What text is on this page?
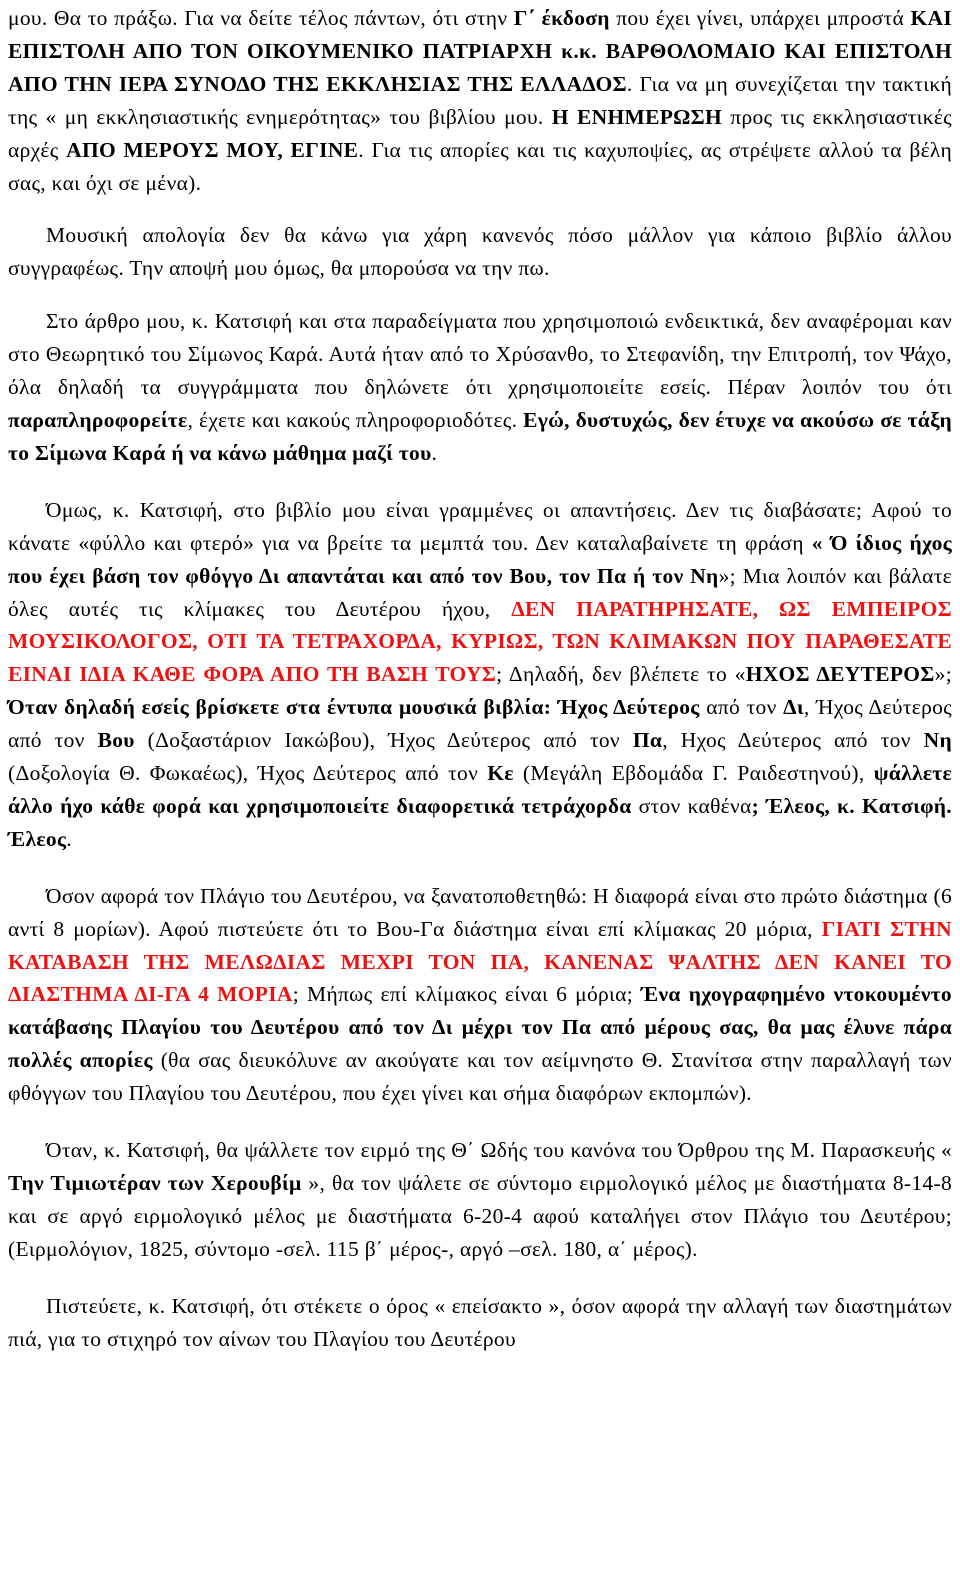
μου. Θα το πράξω. Για να δείτε τέλος πάντων, ότι στην Γ΄ έκδοση που έχει γίνει, υπάρχει μπροστά ΚΑΙ ΕΠΙΣΤΟΛΗ ΑΠΟ ΤΟΝ ΟΙΚΟΥΜΕΝΙΚΟ ΠΑΤΡΙΑΡΧΗ κ.κ. ΒΑΡΘΟΛΟΜΑΙΟ ΚΑΙ ΕΠΙΣΤΟΛΗ ΑΠΟ ΤΗΝ ΙΕΡΑ ΣΥΝΟΔΟ ΤΗΣ ΕΚΚΛΗΣΙΑΣ ΤΗΣ ΕΛΛΑΔΟΣ. Για να μη συνεχίζεται την τακτική της « μη εκκλησιαστικής ενημερότητας» του βιβλίου μου. Η ΕΝΗΜΕΡΩΣΗ προς τις εκκλησιαστικές αρχές ΑΠΟ ΜΕΡΟΥΣ ΜΟΥ, ΕΓΙΝΕ. Για τις απορίες και τις καχυποψίες, ας στρέψετε αλλού τα βέλη σας, και όχι σε μένα).

Μουσική απολογία δεν θα κάνω για χάρη κανενός πόσο μάλλον για κάποιο βιβλίο άλλου συγγραφέως. Την αποψή μου όμως, θα μπορούσα να την πω.

Στο άρθρο μου, κ. Κατσιφή και στα παραδείγματα που χρησιμοποιώ ενδεικτικά, δεν αναφέρομαι καν στο Θεωρητικό του Σίμωνος Καρά. Αυτά ήταν από το Χρύσανθο, το Στεφανίδη, την Επιτροπή, τον Ψάχο, όλα δηλαδή τα συγγράμματα που δηλώνετε ότι χρησιμοποιείτε εσείς. Πέραν λοιπόν του ότι παραπληροφορείτε, έχετε και κακούς πληροφοριοδότες. Εγώ, δυστυχώς, δεν έτυχε να ακούσω σε τάξη το Σίμωνα Καρά ή να κάνω μάθημα μαζί του.

Όμως, κ. Κατσιφή, στο βιβλίο μου είναι γραμμένες οι απαντήσεις. Δεν τις διαβάσατε; Αφού το κάνατε «φύλλο και φτερό» για να βρείτε τα μεμπτά του. Δεν καταλαβαίνετε τη φράση « Ό ίδιος ήχος που έχει βάση τον φθόγγο Δι απαντάται και από τον Βου, τον Πα ή τον Νη»; Μια λοιπόν και βάλατε όλες αυτές τις κλίμακες του Δευτέρου ήχου, ΔΕΝ ΠΑΡΑΤΗΡΗΣΑΤΕ, ΩΣ ΕΜΠΕΙΡΟΣ ΜΟΥΣΙΚΟΛΟΓΟΣ, ΟΤΙ ΤΑ ΤΕΤΡΑΧΟΡΔΑ, ΚΥΡΙΩΣ, ΤΩΝ ΚΛΙΜΑΚΩΝ ΠΟΥ ΠΑΡΑΘΕΣΑΤΕ ΕΙΝΑΙ ΙΔΙΑ ΚΑΘΕ ΦΟΡΑ ΑΠΟ ΤΗ ΒΑΣΗ ΤΟΥΣ; Δηλαδή, δεν βλέπετε το «ΗΧΟΣ ΔΕΥΤΕΡΟΣ»; Όταν δηλαδή εσείς βρίσκετε στα έντυπα μουσικά βιβλία: Ήχος Δεύτερος από τον Δι, Ήχος Δεύτερος από τον Βου (Δοξαστάριον Ιακώβου), Ήχος Δεύτερος από τον Πα, Ηχος Δεύτερος από τον Νη (Δοξολογία Θ. Φωκαέως), Ήχος Δεύτερος από τον Κε (Μεγάλη Εβδομάδα Γ. Ραιδεστηνού), ψάλλετε άλλο ήχο κάθε φορά και χρησιμοποιείτε διαφορετικά τετράχορδα στον καθένα; Έλεος, κ. Κατσιφή. Έλεος.

Όσον αφορά τον Πλάγιο του Δευτέρου, να ξανατοποθετηθώ: Η διαφορά είναι στο πρώτο διάστημα (6 αντί 8 μορίων). Αφού πιστεύετε ότι το Βου-Γα διάστημα είναι επί κλίμακας 20 μόρια, ΓΙΑΤΙ ΣΤΗΝ ΚΑΤΑΒΑΣΗ ΤΗΣ ΜΕΛΩΔΙΑΣ ΜΕΧΡΙ ΤΟΝ ΠΑ, ΚΑΝΕΝΑΣ ΨΑΛΤΗΣ ΔΕΝ ΚΑΝΕΙ ΤΟ ΔΙΑΣΤΗΜΑ ΔΙ-ΓΑ 4 ΜΟΡΙΑ; Μήπως επί κλίμακος είναι 6 μόρια; Ένα ηχογραφημένο ντοκουμέντο κατάβασης Πλαγίου του Δευτέρου από τον Δι μέχρι τον Πα από μέρους σας, θα μας έλυνε πάρα πολλές απορίες (θα σας διευκόλυνε αν ακούγατε και τον αείμνηστο Θ. Στανίτσα στην παραλλαγή των φθόγγων του Πλαγίου του Δευτέρου, που έχει γίνει και σήμα διαφόρων εκπομπών).

Όταν, κ. Κατσιφή, θα ψάλλετε τον ειρμό της Θ΄ Ωδής του κανόνα του Όρθρου της Μ. Παρασκευής « Την Τιμιωτέραν των Χερουβίμ », θα τον ψάλετε σε σύντομο ειρμολογικό μέλος με διαστήματα 8-14-8 και σε αργό ειρμολογικό μέλος με διαστήματα 6-20-4 αφού καταλήγει στον Πλάγιο του Δευτέρου; (Ειρμολόγιον, 1825, σύντομο -σελ. 115 β΄ μέρος-, αργό –σελ. 180, α΄ μέρος).

Πιστεύετε, κ. Κατσιφή, ότι στέκετε ο όρος « επείσακτο », όσον αφορά την αλλαγή των διαστημάτων πιά, για το στιχηρό τον αίνων του Πλαγίου του Δευτέρου
